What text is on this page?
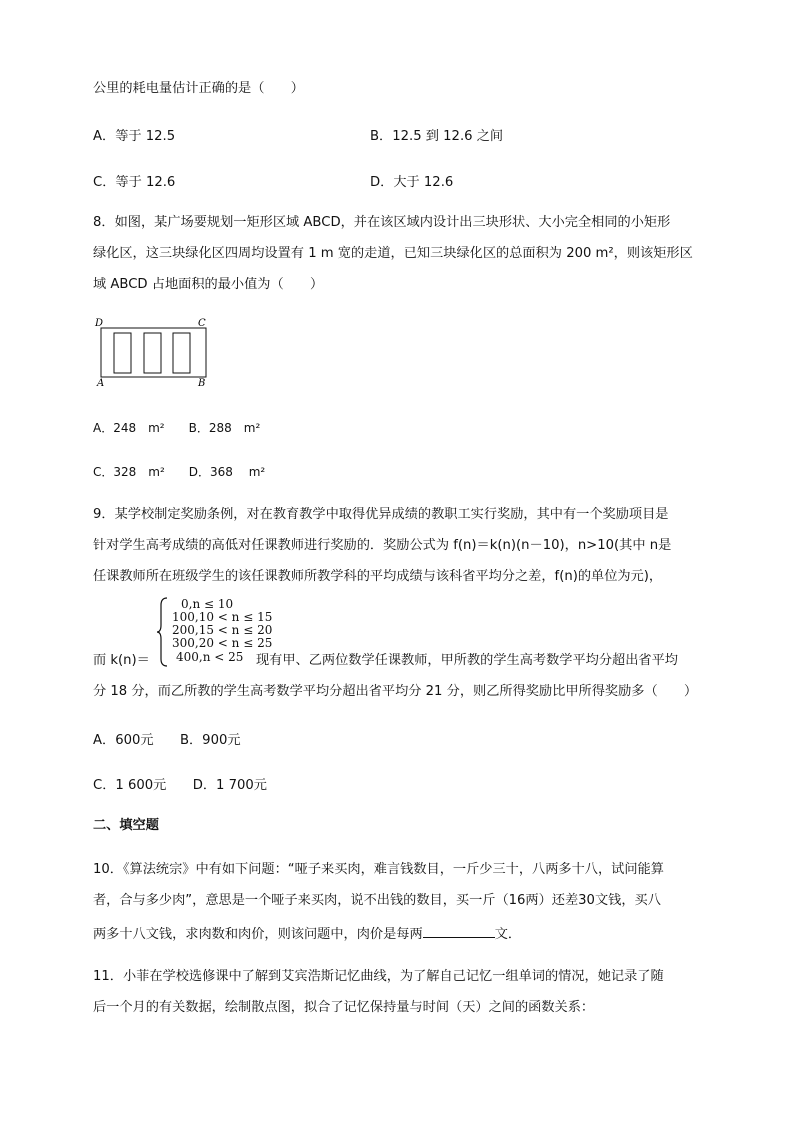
公里的耗电量估计正确的是（　　）
A．等于 12.5	B．12.5 到 12.6 之间
C．等于 12.6	D．大于 12.6
8．如图，某广场要规划一矩形区域 ABCD，并在该区域内设计出三块形状、大小完全相同的小矩形
绿化区，这三块绿化区四周均设置有 1 m 宽的走道，已知三块绿化区的总面积为 200 m²，则该矩形区
域 ABCD 占地面积的最小值为（　　）
D	C
A	B
A．248　m²　　B．288　m²
C．328　m²　　D．368　 m²
9．某学校制定奖励条例，对在教育教学中取得优异成绩的教职工实行奖励，其中有一个奖励项目是
针对学生高考成绩的高低对任课教师进行奖励的．奖励公式为 f(n)＝k(n)(n－10)，n>10(其中 n是
任课教师所在班级学生的该任课教师所教学科的平均成绩与该科省平均分之差，f(n)的单位为元)，
而 k(n)＝
0,n ≤ 10
100,10 < n ≤ 15
200,15 < n ≤ 20
300,20 < n ≤ 25
400,n < 25 现有甲、乙两位数学任课教师，甲所教的学生高考数学平均分超出省平均
分 18 分，而乙所教的学生高考数学平均分超出省平均分 21 分，则乙所得奖励比甲所得奖励多（　　）
A．600元　　B．900元
C．1 600元　　D．1 700元
二、填空题
10．《算法统宗》中有如下问题：“哑子来买肉，难言钱数目，一斤少三十，八两多十八，试问能算
者，合与多少肉”，意思是一个哑子来买肉，说不出钱的数目，买一斤（16两）还差30文钱，买八
两多十八文钱，求肉数和肉价，则该问题中，肉价是每两	文．
11．小菲在学校选修课中了解到艾宾浩斯记忆曲线，为了解自己记忆一组单词的情况，她记录了随
后一个月的有关数据，绘制散点图，拟合了记忆保持量与时间（天）之间的函数关系：
